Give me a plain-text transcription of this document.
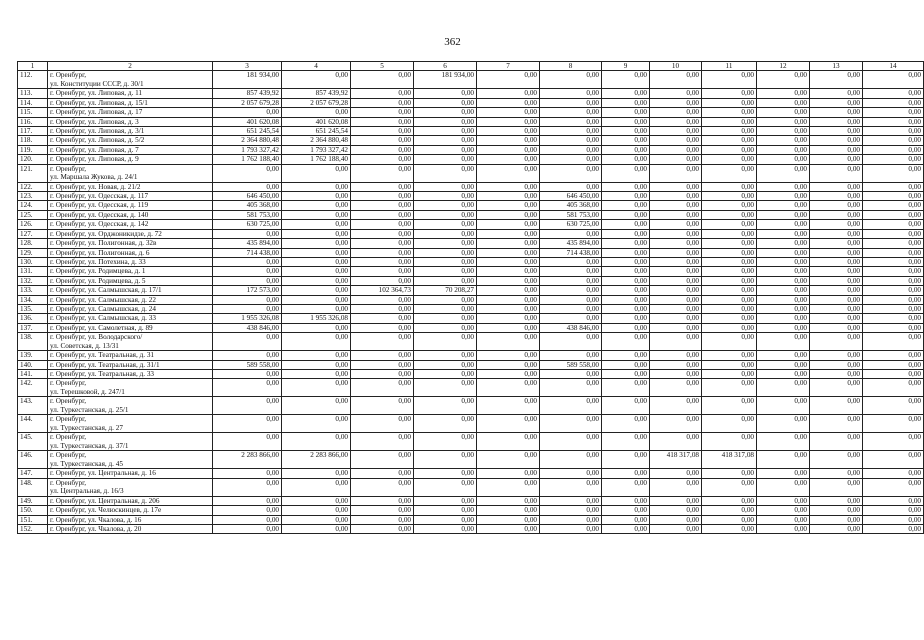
362
1	2	3	4	5	6	7	8	9	10	11	12	13	14
112.	г. Оренбург,
ул. Конституции СССР, д. 30/1	181 934,00	0,00	0,00	181 934,00	0,00	0,00	0,00	0,00	0,00	0,00	0,00	0,00
113.	г. Оренбург, ул. Липовая, д. 11	857 439,92	857 439,92	0,00	0,00	0,00	0,00	0,00	0,00	0,00	0,00	0,00	0,00
114.	г. Оренбург, ул. Липовая, д. 15/1	2 057 679,28	2 057 679,28	0,00	0,00	0,00	0,00	0,00	0,00	0,00	0,00	0,00	0,00
115.	г. Оренбург, ул. Липовая, д. 17	0,00	0,00	0,00	0,00	0,00	0,00	0,00	0,00	0,00	0,00	0,00	0,00
116.	г. Оренбург, ул. Липовая, д. 3	401 620,08	401 620,08	0,00	0,00	0,00	0,00	0,00	0,00	0,00	0,00	0,00	0,00
117.	г. Оренбург, ул. Липовая, д. 3/1	651 245,54	651 245,54	0,00	0,00	0,00	0,00	0,00	0,00	0,00	0,00	0,00	0,00
118.	г. Оренбург, ул. Липовая, д. 5/2	2 364 880,48	2 364 880,48	0,00	0,00	0,00	0,00	0,00	0,00	0,00	0,00	0,00	0,00
119.	г. Оренбург, ул. Липовая, д. 7	1 793 327,42	1 793 327,42	0,00	0,00	0,00	0,00	0,00	0,00	0,00	0,00	0,00	0,00
120.	г. Оренбург, ул. Липовая, д. 9	1 762 188,40	1 762 188,40	0,00	0,00	0,00	0,00	0,00	0,00	0,00	0,00	0,00	0,00
121.	г. Оренбург,
ул. Маршала Жукова, д. 24/1	0,00	0,00	0,00	0,00	0,00	0,00	0,00	0,00	0,00	0,00	0,00	0,00
122.	г. Оренбург, ул. Новая, д. 21/2	0,00	0,00	0,00	0,00	0,00	0,00	0,00	0,00	0,00	0,00	0,00	0,00
123.	г. Оренбург, ул. Одесская, д. 117	646 450,00	0,00	0,00	0,00	0,00	646 450,00	0,00	0,00	0,00	0,00	0,00	0,00
124.	г. Оренбург, ул. Одесская, д. 119	405 368,00	0,00	0,00	0,00	0,00	405 368,00	0,00	0,00	0,00	0,00	0,00	0,00
125.	г. Оренбург, ул. Одесская, д. 140	581 753,00	0,00	0,00	0,00	0,00	581 753,00	0,00	0,00	0,00	0,00	0,00	0,00
126.	г. Оренбург, ул. Одесская, д. 142	630 725,00	0,00	0,00	0,00	0,00	630 725,00	0,00	0,00	0,00	0,00	0,00	0,00
127.	г. Оренбург, ул. Орджоникидзе, д. 72	0,00	0,00	0,00	0,00	0,00	0,00	0,00	0,00	0,00	0,00	0,00	0,00
128.	г. Оренбург, ул. Полигонная, д. 32в	435 894,00	0,00	0,00	0,00	0,00	435 894,00	0,00	0,00	0,00	0,00	0,00	0,00
129.	г. Оренбург, ул. Полигонная, д. 6	714 438,00	0,00	0,00	0,00	0,00	714 438,00	0,00	0,00	0,00	0,00	0,00	0,00
130.	г. Оренбург, ул. Потехина, д. 33	0,00	0,00	0,00	0,00	0,00	0,00	0,00	0,00	0,00	0,00	0,00	0,00
131.	г. Оренбург, ул. Родимцева, д. 1	0,00	0,00	0,00	0,00	0,00	0,00	0,00	0,00	0,00	0,00	0,00	0,00
132.	г. Оренбург, ул. Родимцева, д. 5	0,00	0,00	0,00	0,00	0,00	0,00	0,00	0,00	0,00	0,00	0,00	0,00
133.	г. Оренбург, ул. Салмышская, д. 17/1	172 573,00	0,00	102 364,73	70 208,27	0,00	0,00	0,00	0,00	0,00	0,00	0,00	0,00
134.	г. Оренбург, ул. Салмышская, д. 22	0,00	0,00	0,00	0,00	0,00	0,00	0,00	0,00	0,00	0,00	0,00	0,00
135.	г. Оренбург, ул. Салмышская, д. 24	0,00	0,00	0,00	0,00	0,00	0,00	0,00	0,00	0,00	0,00	0,00	0,00
136.	г. Оренбург, ул. Салмышская, д. 33	1 955 326,08	1 955 326,08	0,00	0,00	0,00	0,00	0,00	0,00	0,00	0,00	0,00	0,00
137.	г. Оренбург, ул. Самолетная, д. 89	438 846,00	0,00	0,00	0,00	0,00	438 846,00	0,00	0,00	0,00	0,00	0,00	0,00
138.	г. Оренбург, ул. Володарского/
ул. Советская, д. 13/31	0,00	0,00	0,00	0,00	0,00	0,00	0,00	0,00	0,00	0,00	0,00	0,00
139.	г. Оренбург, ул. Театральная, д. 31	0,00	0,00	0,00	0,00	0,00	0,00	0,00	0,00	0,00	0,00	0,00	0,00
140.	г. Оренбург, ул. Театральная, д. 31/1	589 558,00	0,00	0,00	0,00	0,00	589 558,00	0,00	0,00	0,00	0,00	0,00	0,00
141.	г. Оренбург, ул. Театральная, д. 33	0,00	0,00	0,00	0,00	0,00	0,00	0,00	0,00	0,00	0,00	0,00	0,00
142.	г. Оренбург,
ул. Терешковой, д. 247/1	0,00	0,00	0,00	0,00	0,00	0,00	0,00	0,00	0,00	0,00	0,00	0,00
143.	г. Оренбург,
ул. Туркестанская, д. 25/1	0,00	0,00	0,00	0,00	0,00	0,00	0,00	0,00	0,00	0,00	0,00	0,00
144.	г. Оренбург,
ул. Туркестанская, д. 27	0,00	0,00	0,00	0,00	0,00	0,00	0,00	0,00	0,00	0,00	0,00	0,00
145.	г. Оренбург,
ул. Туркестанская, д. 37/1	0,00	0,00	0,00	0,00	0,00	0,00	0,00	0,00	0,00	0,00	0,00	0,00
146.	г. Оренбург,
ул. Туркестанская, д. 45	2 283 866,00	2 283 866,00	0,00	0,00	0,00	0,00	0,00	418 317,08	418 317,08	0,00	0,00	0,00
147.	г. Оренбург, ул. Центральная, д. 16	0,00	0,00	0,00	0,00	0,00	0,00	0,00	0,00	0,00	0,00	0,00	0,00
148.	г. Оренбург,
ул. Центральная, д. 16/3	0,00	0,00	0,00	0,00	0,00	0,00	0,00	0,00	0,00	0,00	0,00	0,00
149.	г. Оренбург, ул. Центральная, д. 206	0,00	0,00	0,00	0,00	0,00	0,00	0,00	0,00	0,00	0,00	0,00	0,00
150.	г. Оренбург, ул. Челюскинцев, д. 17е	0,00	0,00	0,00	0,00	0,00	0,00	0,00	0,00	0,00	0,00	0,00	0,00
151.	г. Оренбург, ул. Чкалова, д. 16	0,00	0,00	0,00	0,00	0,00	0,00	0,00	0,00	0,00	0,00	0,00	0,00
152.	г. Оренбург, ул. Чкалова, д. 20	0,00	0,00	0,00	0,00	0,00	0,00	0,00	0,00	0,00	0,00	0,00	0,00
